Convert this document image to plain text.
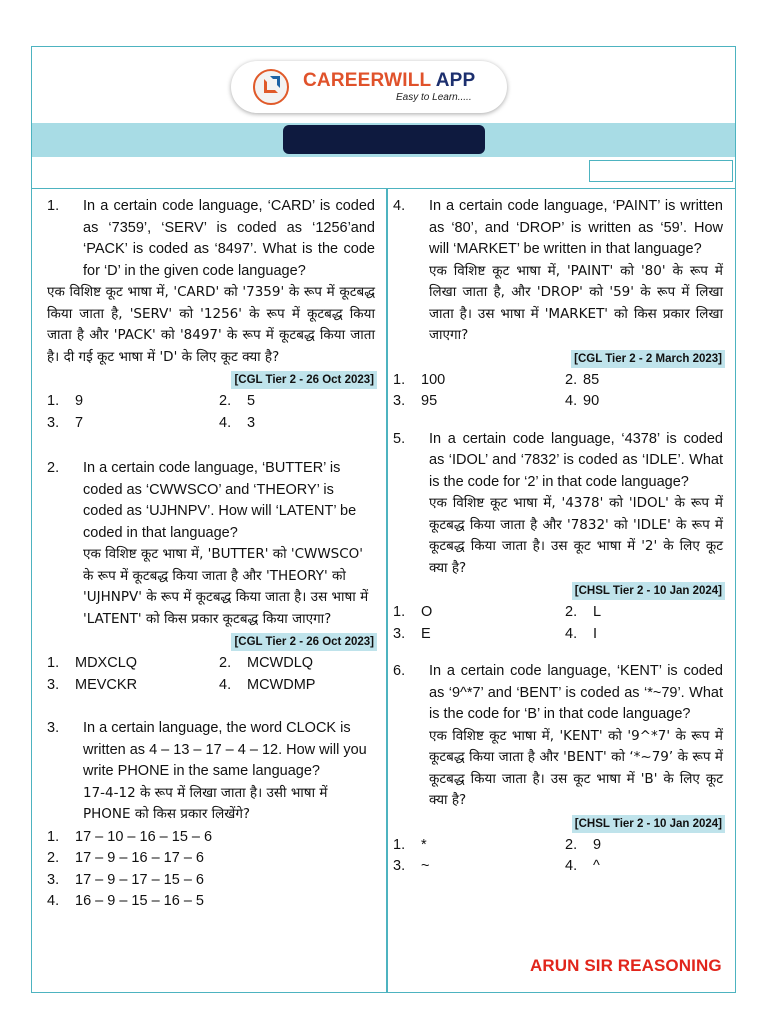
CAREERWILL APP
Easy to Learn.....
1.	In a certain code language, ‘CARD’ is coded as ‘7359’, ‘SERV’ is coded as ‘1256’and ‘PACK’ is coded as ‘8497’. What is the code for ‘D’ in the given code language?
एक विशिष्ट कूट भाषा में, 'CARD' को '7359' के रूप में कूटबद्ध किया जाता है, 'SERV' को '1256' के रूप में कूटबद्ध किया जाता है और 'PACK' को '8497' के रूप में कूटबद्ध किया जाता है। दी गई कूट भाषा में 'D' के लिए कूट क्या है?
[CGL Tier 2 - 26 Oct 2023]
1.	9	2.	5
3.	7	4.	3
2.	In a certain code language, ‘BUTTER’ is coded as ‘CWWSCO’ and ‘THEORY’ is coded as ‘UJHNPV’. How will ‘LATENT’ be coded in that language?
एक विशिष्ट कूट भाषा में, 'BUTTER' को 'CWWSCO' के रूप में कूटबद्ध किया जाता है और 'THEORY' को 'UJHNPV' के रूप में कूटबद्ध किया जाता है। उस भाषा में 'LATENT' को किस प्रकार कूटबद्ध किया जाएगा?
[CGL Tier 2 - 26 Oct 2023]
1.	MDXCLQ	2.	MCWDLQ
3.	MEVCKR	4.	MCWDMP
3.	In a certain language, the word CLOCK is written as 4 – 13 – 17 – 4 – 12. How will you write PHONE in the same language?
17-4-12 के रूप में लिखा जाता है। उसी भाषा में PHONE को किस प्रकार लिखेंगे?
1.	17 – 10 – 16 – 15 – 6
2.	17 – 9 – 16 – 17 – 6
3.	17 – 9 – 17 – 15 – 6
4.	16 – 9 – 15 – 16 – 5
4.	In a certain code language, ‘PAINT’ is written as ‘80’, and ‘DROP’ is written as ‘59’. How will ‘MARKET’ be written in that language?
एक विशिष्ट कूट भाषा में, 'PAINT' को '80' के रूप में लिखा जाता है, और 'DROP' को '59' के रूप में लिखा जाता है। उस भाषा में 'MARKET' को किस प्रकार लिखा जाएगा?
[CGL Tier 2 - 2 March 2023]
1.	100	2. 85
3.	95	4. 90
5.	In a certain code language, ‘4378’ is coded as ‘IDOL’ and ‘7832’ is coded as ‘IDLE’. What is the code for ‘2’ in that code language?
एक विशिष्ट कूट भाषा में, '4378' को 'IDOL' के रूप में कूटबद्ध किया जाता है और '7832' को 'IDLE' के रूप में कूटबद्ध किया जाता है। उस कूट भाषा में '2' के लिए कूट क्या है?
[CHSL Tier 2 - 10 Jan 2024]
1.	O	2.	L
3.	E	4.	I
6.	In a certain code language, ‘KENT’ is coded as ‘9^*7’ and ‘BENT’ is coded as ‘*~79’. What is the code for ‘B’ in that code language?
एक विशिष्ट कूट भाषा में, 'KENT' को '9^*7' के रूप में कूटबद्ध किया जाता है और 'BENT' को ‘*~79’ के रूप में कूटबद्ध किया जाता है। उस कूट भाषा में 'B' के लिए कूट क्या है?
[CHSL Tier 2 - 10 Jan 2024]
1.	*	2.	9
3.	~	4.	^
ARUN SIR REASONING
